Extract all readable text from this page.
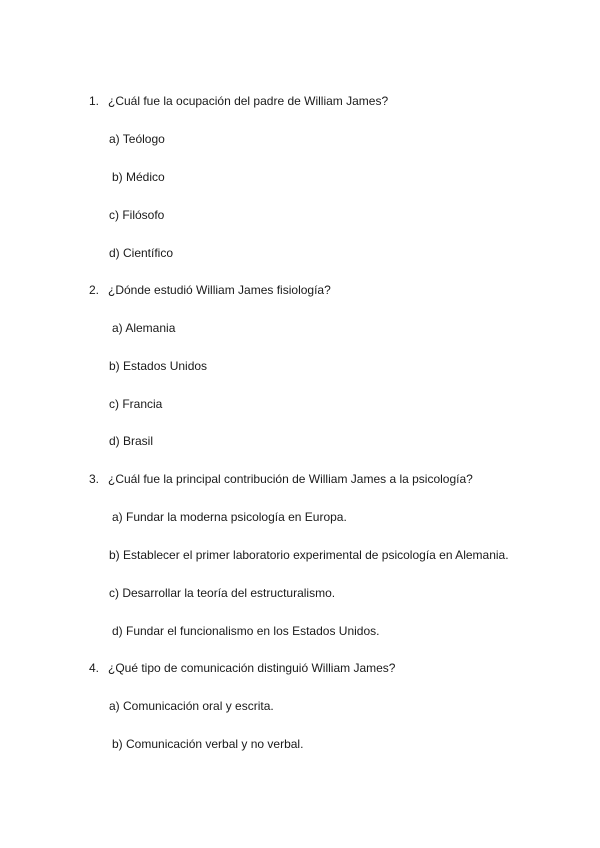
1. ¿Cuál fue la ocupación del padre de William James?
a) Teólogo
b) Médico
c) Filósofo
d) Científico
2. ¿Dónde estudió William James fisiología?
a) Alemania
b) Estados Unidos
c) Francia
d) Brasil
3. ¿Cuál fue la principal contribución de William James a la psicología?
a) Fundar la moderna psicología en Europa.
b) Establecer el primer laboratorio experimental de psicología en Alemania.
c) Desarrollar la teoría del estructuralismo.
d) Fundar el funcionalismo en los Estados Unidos.
4. ¿Qué tipo de comunicación distinguió William James?
a) Comunicación oral y escrita.
b) Comunicación verbal y no verbal.
